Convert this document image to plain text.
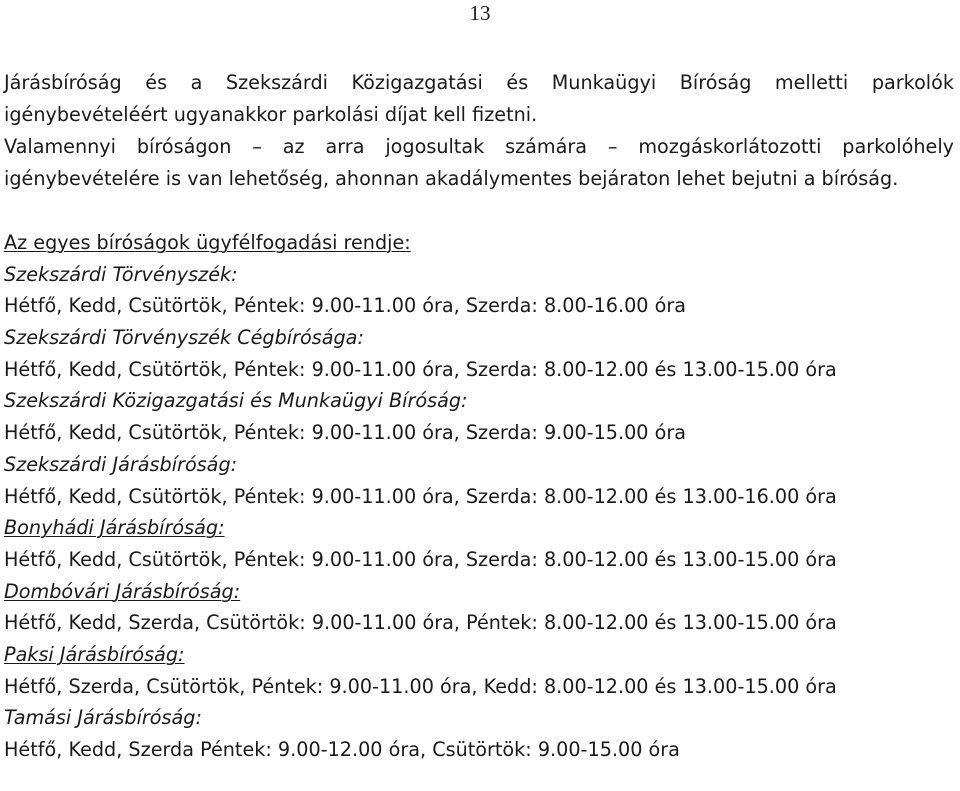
13

Járásbíróság és a Szekszárdi Közigazgatási és Munkaügyi Bíróság melletti parkolók igénybevételéért ugyanakkor parkolási díjat kell fizetni.

Valamennyi bíróságon – az arra jogosultak számára – mozgáskorlátozotti parkolóhely igénybevételére is van lehetőség, ahonnan akadálymentes bejáraton lehet bejutni a bíróság.

Az egyes bíróságok ügyfélfogadási rendje:

Szekszárdi Törvényszék:

Hétfő, Kedd, Csütörtök, Péntek: 9.00-11.00 óra, Szerda: 8.00-16.00 óra

Szekszárdi Törvényszék Cégbírósága:

Hétfő, Kedd, Csütörtök, Péntek: 9.00-11.00 óra, Szerda: 8.00-12.00 és 13.00-15.00 óra

Szekszárdi Közigazgatási és Munkaügyi Bíróság:

Hétfő, Kedd, Csütörtök, Péntek: 9.00-11.00 óra, Szerda: 9.00-15.00 óra

Szekszárdi Járásbíróság:

Hétfő, Kedd, Csütörtök, Péntek: 9.00-11.00 óra, Szerda: 8.00-12.00 és 13.00-16.00 óra

Bonyhádi Járásbíróság:

Hétfő, Kedd, Csütörtök, Péntek: 9.00-11.00 óra, Szerda: 8.00-12.00 és 13.00-15.00 óra

Dombóvári Járásbíróság:

Hétfő, Kedd, Szerda, Csütörtök: 9.00-11.00 óra, Péntek: 8.00-12.00 és 13.00-15.00 óra

Paksi Járásbíróság:

Hétfő, Szerda, Csütörtök, Péntek: 9.00-11.00 óra, Kedd: 8.00-12.00 és 13.00-15.00 óra

Tamási Járásbíróság:

Hétfő, Kedd, Szerda Péntek: 9.00-12.00 óra, Csütörtök: 9.00-15.00 óra
